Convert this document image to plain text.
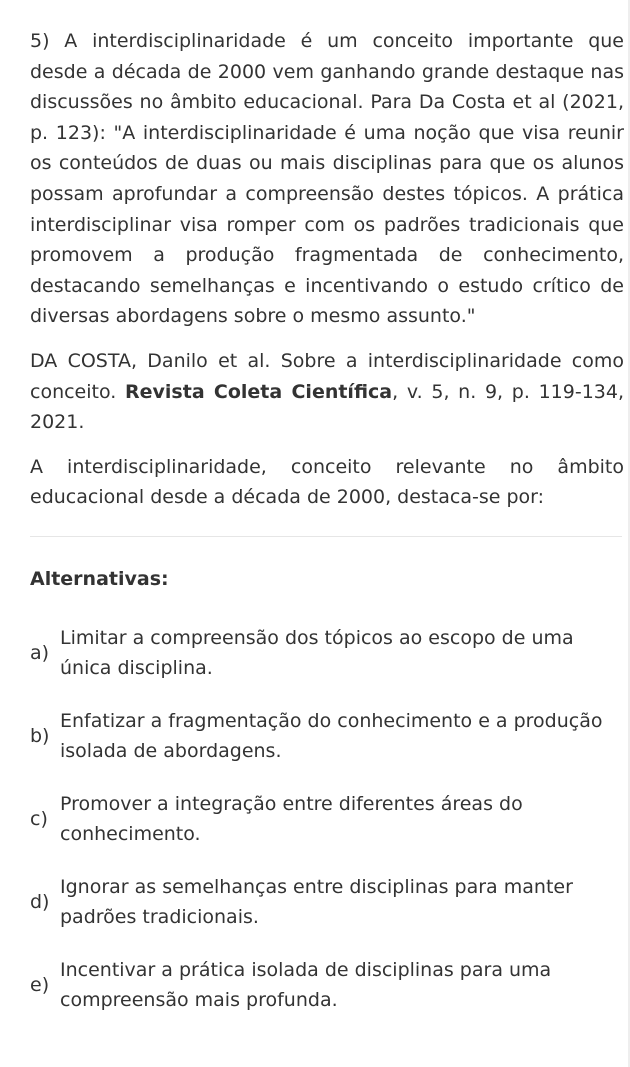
5) A interdisciplinaridade é um conceito importante que desde a década de 2000 vem ganhando grande destaque nas discussões no âmbito educacional. Para Da Costa et al (2021, p. 123): "A interdisciplinaridade é uma noção que visa reunir os conteúdos de duas ou mais disciplinas para que os alunos possam aprofundar a compreensão destes tópicos. A prática interdisciplinar visa romper com os padrões tradicionais que promovem a produção fragmentada de conhecimento, destacando semelhanças e incentivando o estudo crítico de diversas abordagens sobre o mesmo assunto."

DA COSTA, Danilo et al. Sobre a interdisciplinaridade como conceito. Revista Coleta Científica, v. 5, n. 9, p. 119-134, 2021.

A interdisciplinaridade, conceito relevante no âmbito educacional desde a década de 2000, destaca-se por:

Alternativas:
a)
Limitar a compreensão dos tópicos ao escopo de uma única disciplina.
b)
Enfatizar a fragmentação do conhecimento e a produção isolada de abordagens.
c)
Promover a integração entre diferentes áreas do conhecimento.
d)
Ignorar as semelhanças entre disciplinas para manter padrões tradicionais.
e)
Incentivar a prática isolada de disciplinas para uma compreensão mais profunda.
